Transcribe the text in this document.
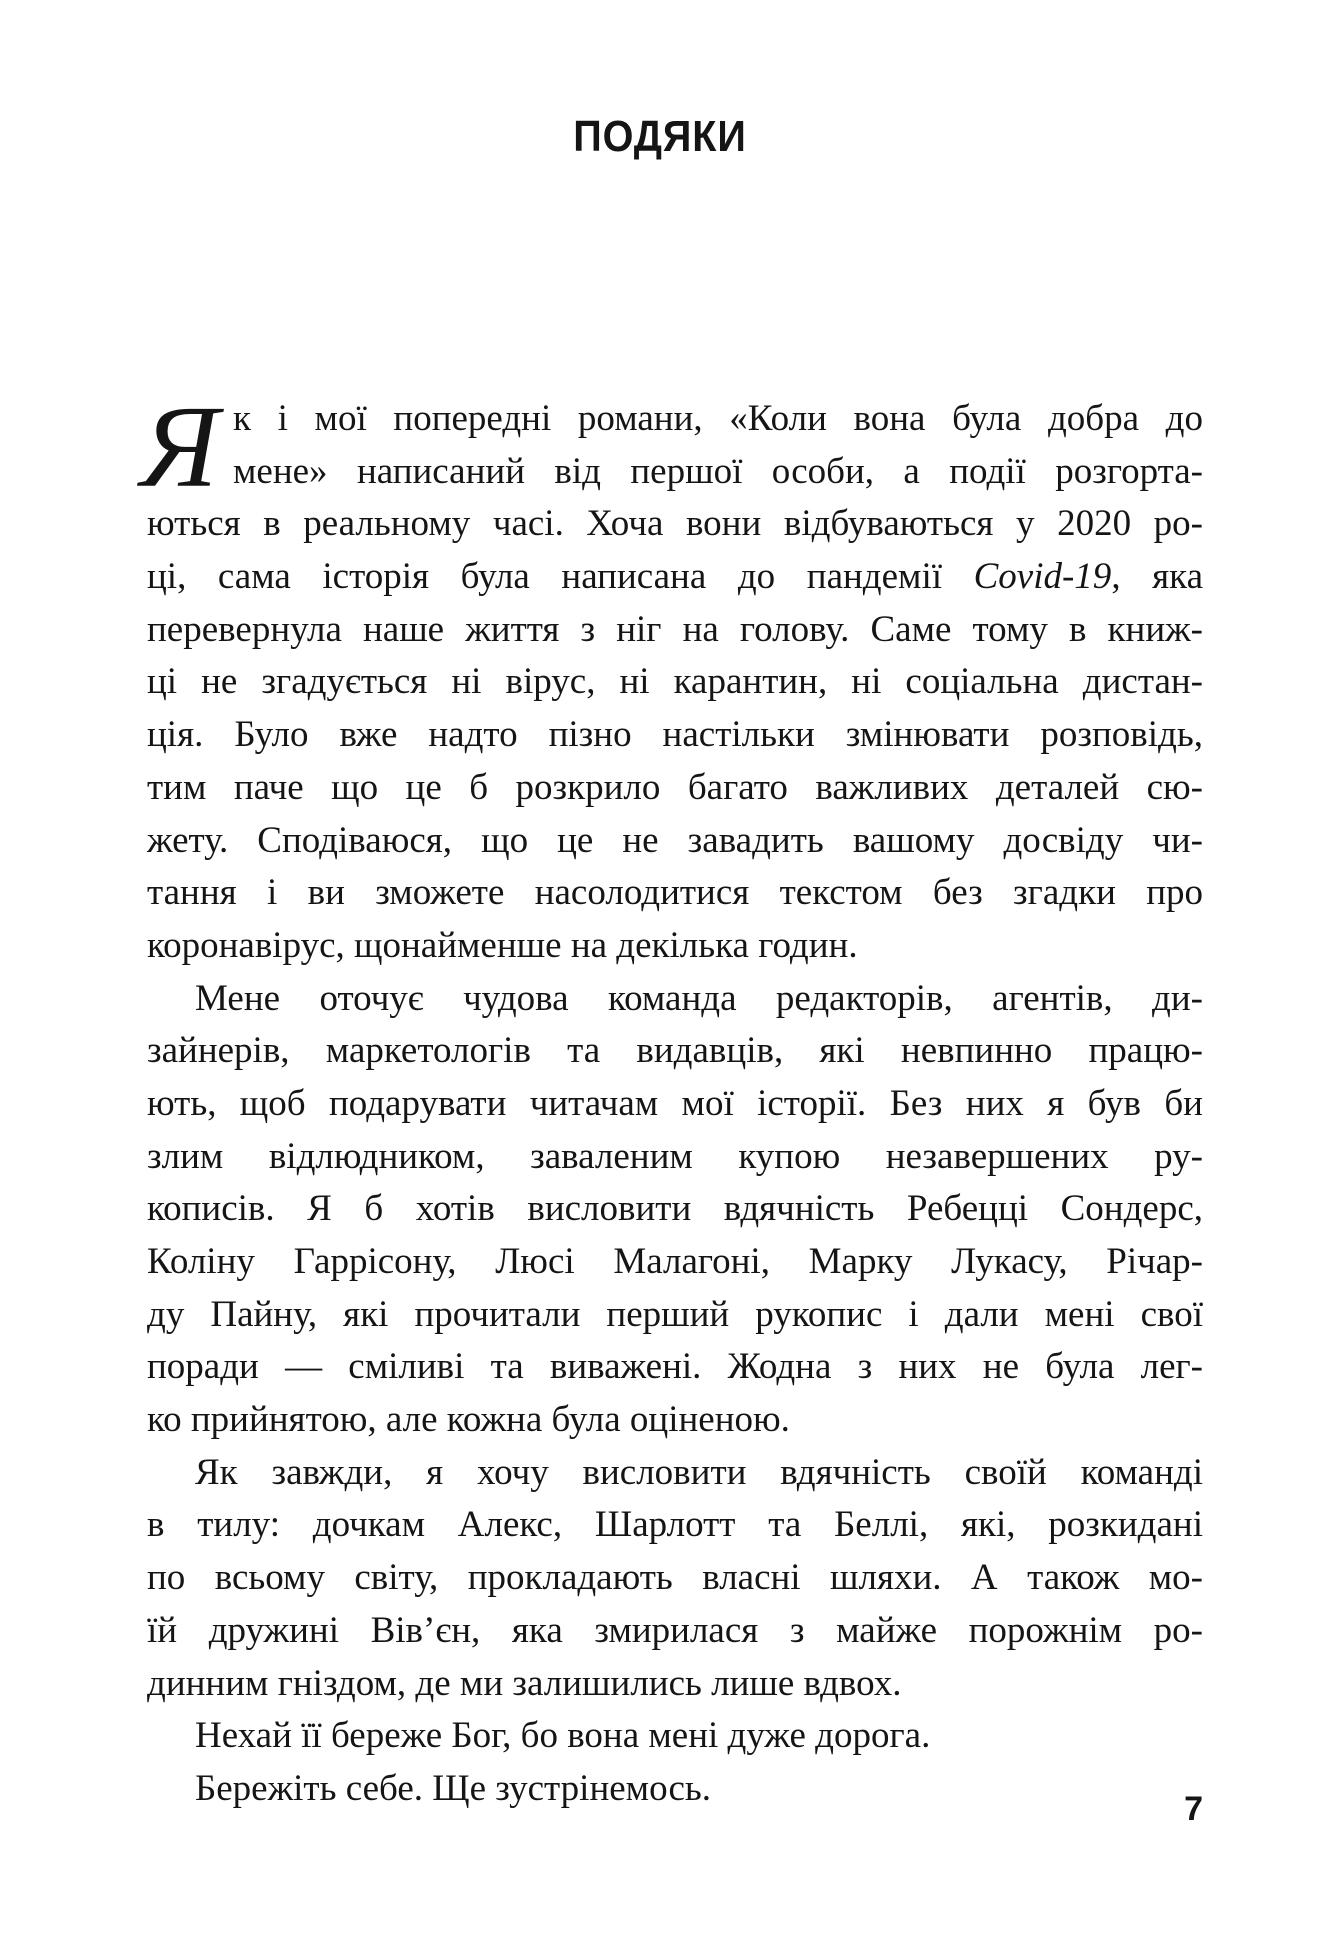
ПОДЯКИ
Я к і мої попередні романи, «Коли вона була добра до
мене» написаний від першої особи, а події розгорта-
ються в реальному часі. Хоча вони відбуваються у 2020 ро-
ці, сама історія була написана до пандемії Covid-19, яка
перевернула наше життя з ніг на голову. Саме тому в книж-
ці не згадується ні вірус, ні карантин, ні соціальна дистан-
ція. Було вже надто пізно настільки змінювати розповідь,
тим паче що це б розкрило багато важливих деталей сю-
жету. Сподіваюся, що це не завадить вашому досвіду чи-
тання і ви зможете насолодитися текстом без згадки про
коронавірус, щонайменше на декілька годин.
Мене оточує чудова команда редакторів, агентів, ди-
зайнерів, маркетологів та видавців, які невпинно працю-
ють, щоб подарувати читачам мої історії. Без них я був би
злим відлюдником, заваленим купою незавершених ру-
кописів. Я б хотів висловити вдячність Ребецці Сондерс,
Коліну Гаррісону, Люсі Малагоні, Марку Лукасу, Річар-
ду Пайну, які прочитали перший рукопис і дали мені свої
поради — сміливі та виважені. Жодна з них не була лег-
ко прийнятою, але кожна була оціненою.
Як завжди, я хочу висловити вдячність своїй команді
в тилу: дочкам Алекс, Шарлотт та Беллі, які, розкидані
по всьому світу, прокладають власні шляхи. А також мо-
їй дружині Вів’єн, яка змирилася з майже порожнім ро-
динним гніздом, де ми залишились лише вдвох.
Нехай її береже Бог, бо вона мені дуже дорога.
Бережіть себе. Ще зустрінемось.
7
